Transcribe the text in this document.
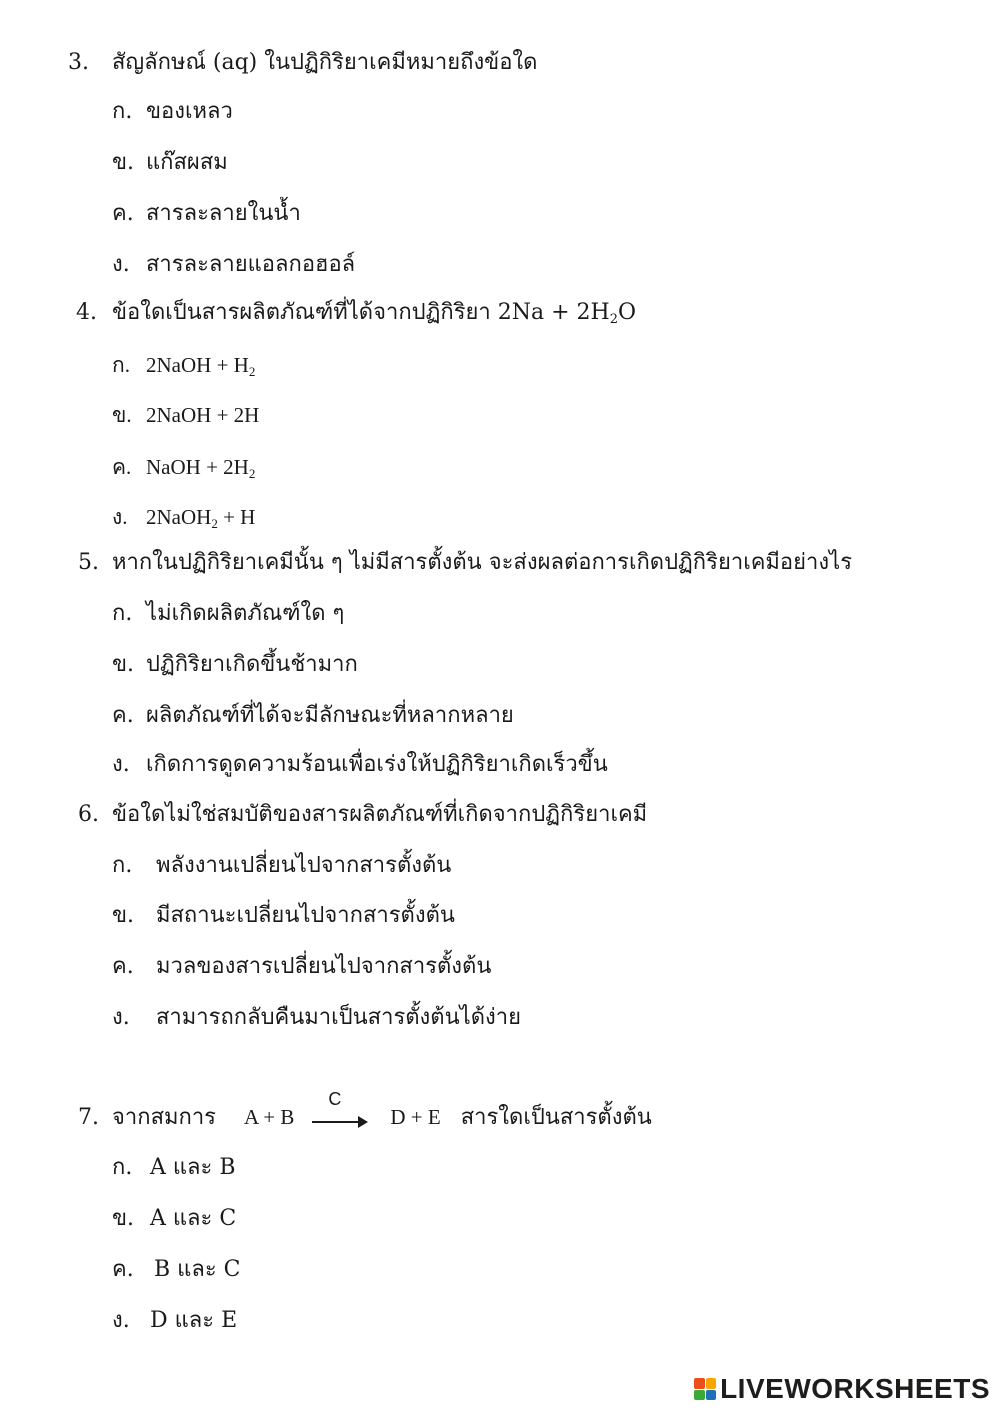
3. สัญลักษณ์ (aq) ในปฏิกิริยาเคมีหมายถึงข้อใด
ก. ของเหลว
ข. แก๊สผสม
ค. สารละลายในน้ำ
ง. สารละลายแอลกอฮอล์
4. ข้อใดเป็นสารผลิตภัณฑ์ที่ได้จากปฏิกิริยา $2Na + 2H_2O$
ก. 2NaOH + $H_2$
ข. 2NaOH + 2H
ค. NaOH + $2H_2$
ง. 2NaOH$_2$ + H
5. หากในปฏิกิริยาเคมีนั้น ๆ ไม่มีสารตั้งต้น จะส่งผลต่อการเกิดปฏิกิริยาเคมีอย่างไร
ก. ไม่เกิดผลิตภัณฑ์ใด ๆ
ข. ปฏิกิริยาเกิดขึ้นช้ามาก
ค. ผลิตภัณฑ์ที่ได้จะมีลักษณะที่หลากหลาย
ง. เกิดการดูดความร้อนเพื่อเร่งให้ปฏิกิริยาเกิดเร็วขึ้น
6. ข้อใดไม่ใช่สมบัติของสารผลิตภัณฑ์ที่เกิดจากปฏิกิริยาเคมี
ก. พลังงานเปลี่ยนไปจากสารตั้งต้น
ข. มีสถานะเปลี่ยนไปจากสารตั้งต้น
ค. มวลของสารเปลี่ยนไปจากสารตั้งต้น
ง. สามารถกลับคืนมาเป็นสารตั้งต้นได้ง่าย
7. จากสมการ A + B
C
D + E สารใดเป็นสารตั้งต้น
ก. A และ B
ข. A และ C
ค. B และ C
ง. D และ E
LIVEWORKSHEETS
